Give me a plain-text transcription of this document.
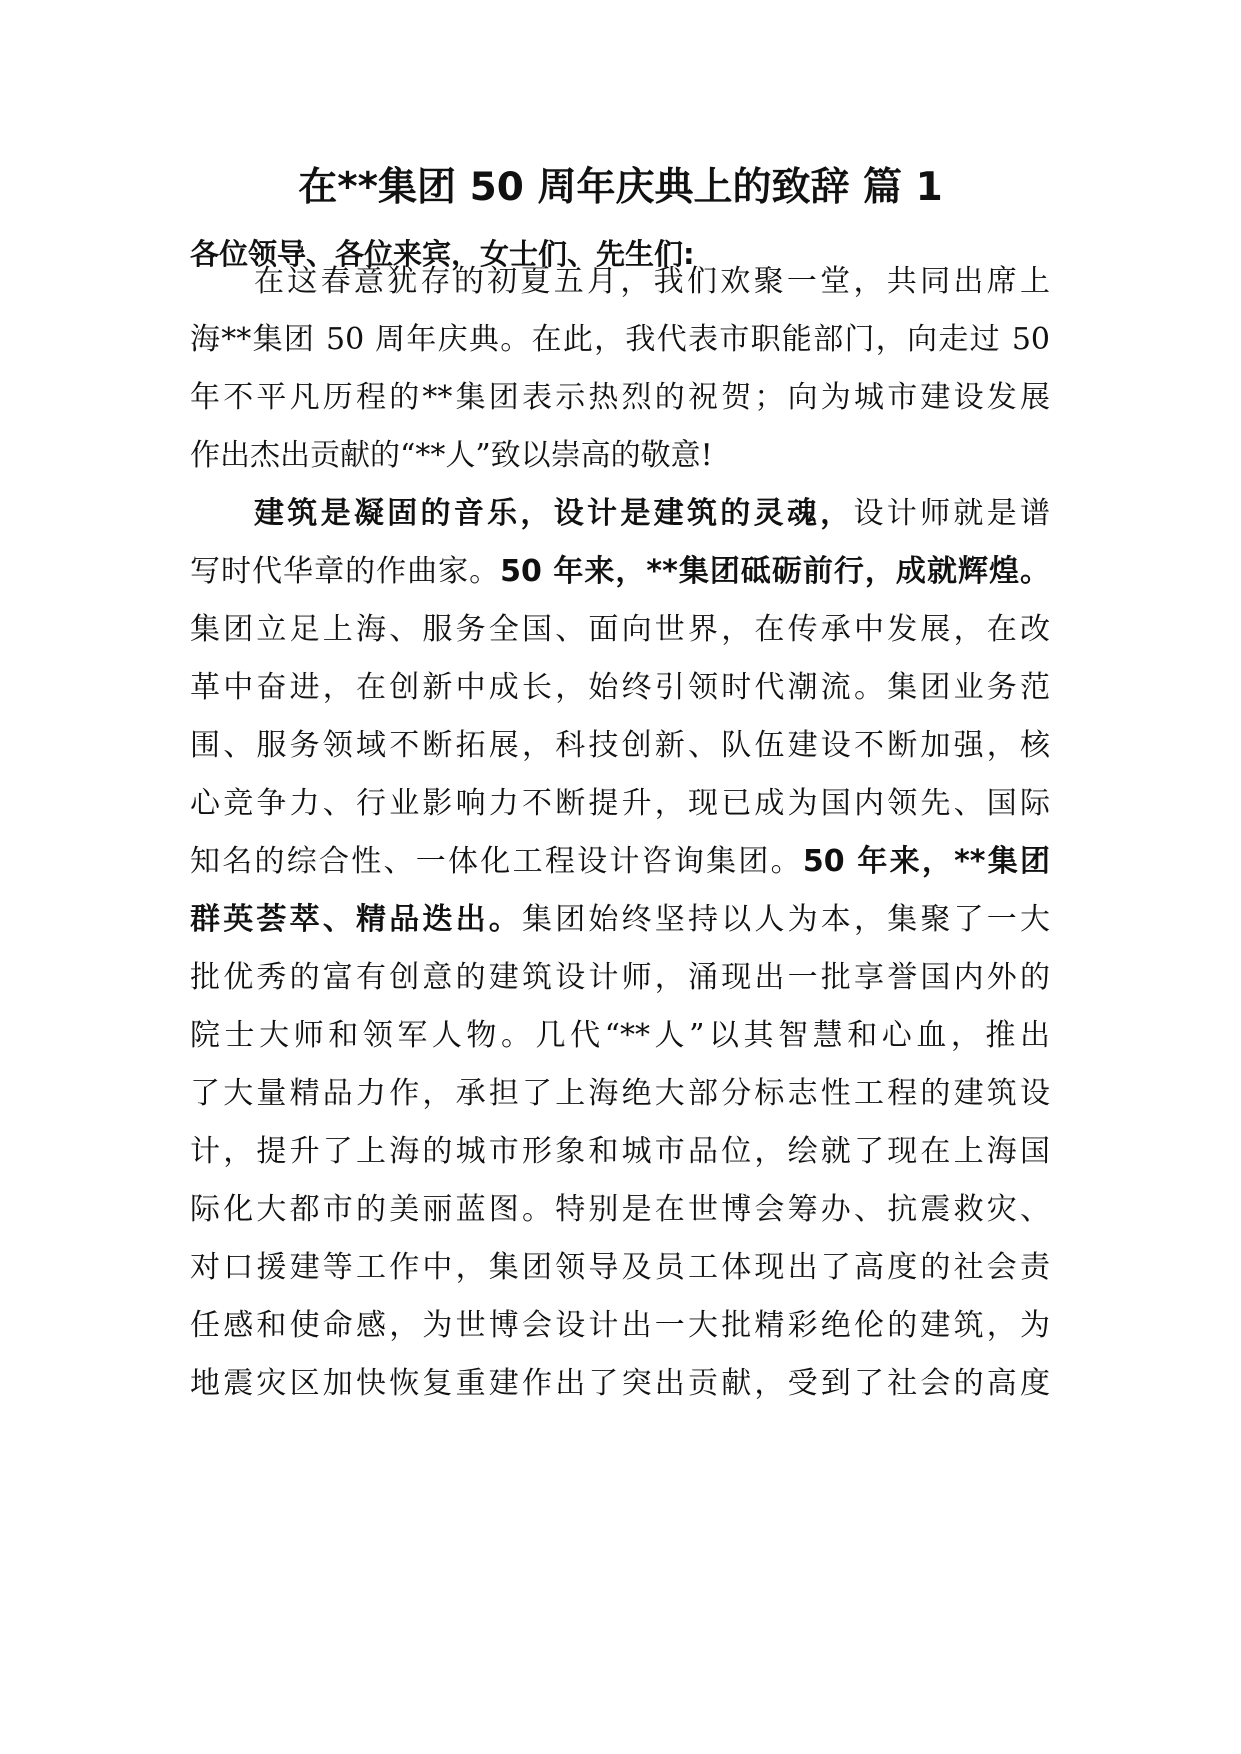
在**集团 50 周年庆典上的致辞 篇 1
各位领导、各位来宾，女士们、先生们:
在这春意犹存的初夏五月，我们欢聚一堂，共同出席上
海**集团 50 周年庆典。在此，我代表市职能部门，向走过 50
年不平凡历程的**集团表示热烈的祝贺；向为城市建设发展
作出杰出贡献的“**人”致以崇高的敬意!
建筑是凝固的音乐，设计是建筑的灵魂，设计师就是谱
写时代华章的作曲家。50 年来，**集团砥砺前行，成就辉煌。
集团立足上海、服务全国、面向世界，在传承中发展，在改
革中奋进，在创新中成长，始终引领时代潮流。集团业务范
围、服务领域不断拓展，科技创新、队伍建设不断加强，核
心竞争力、行业影响力不断提升，现已成为国内领先、国际
知名的综合性、一体化工程设计咨询集团。50 年来，**集团
群英荟萃、精品迭出。集团始终坚持以人为本，集聚了一大
批优秀的富有创意的建筑设计师，涌现出一批享誉国内外的
院士大师和领军人物。几代“**人”以其智慧和心血，推出
了大量精品力作，承担了上海绝大部分标志性工程的建筑设
计，提升了上海的城市形象和城市品位，绘就了现在上海国
际化大都市的美丽蓝图。特别是在世博会筹办、抗震救灾、
对口援建等工作中，集团领导及员工体现出了高度的社会责
任感和使命感，为世博会设计出一大批精彩绝伦的建筑，为
地震灾区加快恢复重建作出了突出贡献，受到了社会的高度
